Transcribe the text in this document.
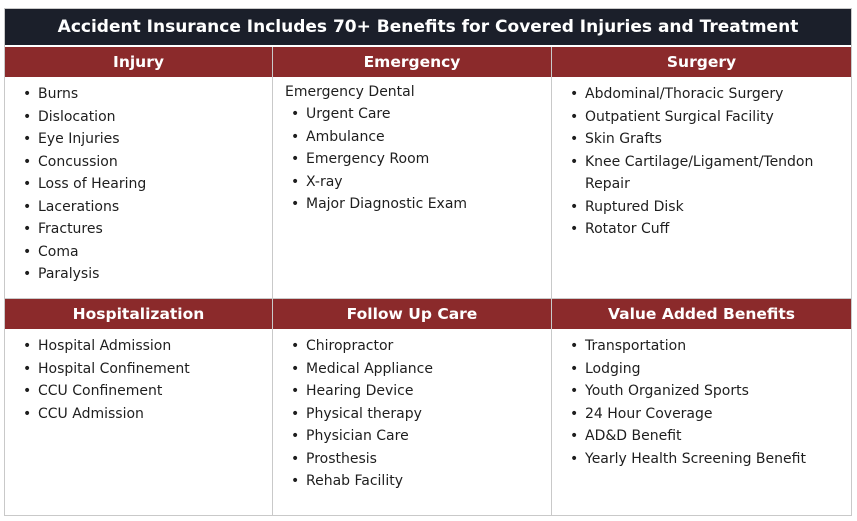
Accident Insurance Includes 70+ Benefits for Covered Injuries and Treatment
Injury
• Burns
• Dislocation
• Eye Injuries
• Concussion
• Loss of Hearing
• Lacerations
• Fractures
• Coma
• Paralysis
Emergency
Emergency Dental
• Urgent Care
• Ambulance
• Emergency Room
• X-ray
• Major Diagnostic Exam
Surgery
• Abdominal/Thoracic Surgery
• Outpatient Surgical Facility
• Skin Grafts
• Knee Cartilage/Ligament/Tendon Repair
• Ruptured Disk
• Rotator Cuff
Hospitalization
• Hospital Admission
• Hospital Confinement
• CCU Confinement
• CCU Admission
Follow Up Care
• Chiropractor
• Medical Appliance
• Hearing Device
• Physical therapy
• Physician Care
• Prosthesis
• Rehab Facility
Value Added Benefits
• Transportation
• Lodging
• Youth Organized Sports
• 24 Hour Coverage
• AD&D Benefit
• Yearly Health Screening Benefit
